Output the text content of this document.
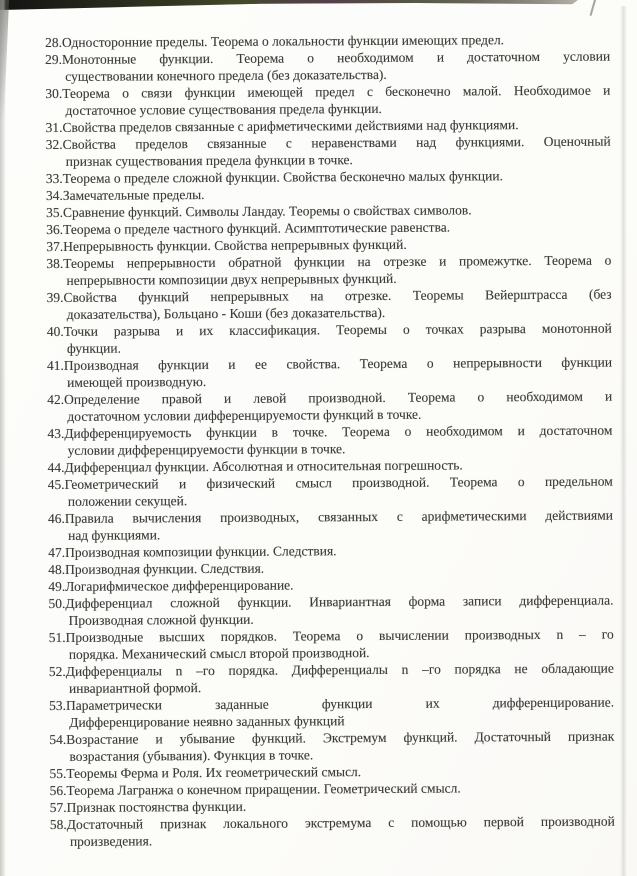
28.Односторонние пределы. Теорема о локальности функции имеющих предел.
29.Монотонные функции. Теорема о необходимом и достаточном условии
существовании конечного предела (без доказательства).
30.Теорема о связи функции имеющей предел с бесконечно малой. Необходимое и
достаточное условие существования предела функции.
31.Свойства пределов связанные с арифметическими действиями над функциями.
32.Свойства пределов связанные с неравенствами над функциями. Оценочный
признак существования предела функции в точке.
33.Теорема о пределе сложной функции. Свойства бесконечно малых функции.
34.Замечательные пределы.
35.Сравнение функций. Символы Ландау. Теоремы о свойствах символов.
36.Теорема о пределе частного функций. Асимптотические равенства.
37.Непрерывность функции. Свойства непрерывных функций.
38.Теоремы непрерывности обратной функции на отрезке и промежутке. Теорема о
непрерывности композиции двух непрерывных функций.
39.Свойства функций непрерывных на отрезке. Теоремы Вейерштрасса (без
доказательства), Больцано - Коши (без доказательства).
40.Точки разрыва и их классификация. Теоремы о точках разрыва монотонной
функции.
41.Производная функции и ее свойства. Теорема о непрерывности функции
имеющей производную.
42.Определение правой и левой производной. Теорема о необходимом и
достаточном условии дифференцируемости функций в точке.
43.Дифференцируемость функции в точке. Теорема о необходимом и достаточном
условии дифференцируемости функции в точке.
44.Дифференциал функции. Абсолютная и относительная погрешность.
45.Геометрический и физический смысл производной. Теорема о предельном
положении секущей.
46.Правила вычисления производных, связанных с арифметическими действиями
над функциями.
47.Производная композиции функции. Следствия.
48.Производная функции. Следствия.
49.Логарифмическое дифференцирование.
50.Дифференциал сложной функции. Инвариантная форма записи дифференциала.
Производная сложной функции.
51.Производные высших порядков. Теорема о вычислении производных n – го
порядка. Механический смысл второй производной.
52.Дифференциалы n –го порядка. Дифференциалы n –го порядка не обладающие
инвариантной формой.
53.Параметрически заданные функции их дифференцирование.
Дифференцирование неявно заданных функций
54.Возрастание и убывание функций. Экстремум функций. Достаточный признак
возрастания (убывания). Функция в точке.
55.Теоремы Ферма и Роля. Их геометрический смысл.
56.Теорема Лагранжа о конечном приращении. Геометрический смысл.
57.Признак постоянства функции.
58.Достаточный признак локального экстремума с помощью первой производной
произведения.
